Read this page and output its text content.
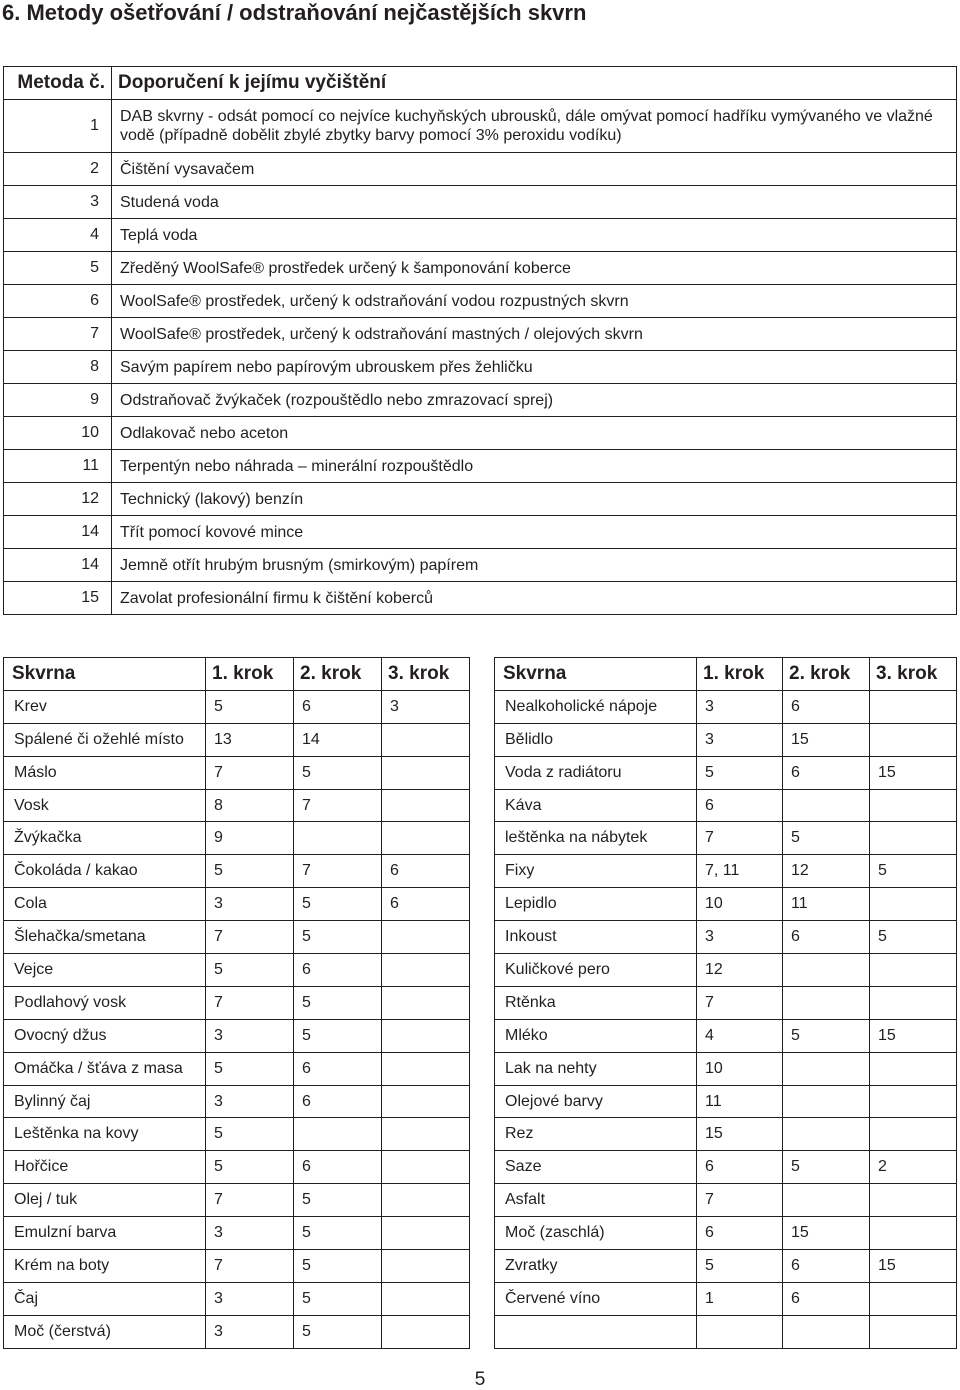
6. Metody ošetřování / odstraňování nejčastějších skvrn
Metoda č.	Doporučení k jejímu vyčištění
1	DAB skvrny - odsát pomocí co nejvíce kuchyňských ubrousků, dále omývat pomocí hadříku vymývaného ve vlažné vodě (případně dobělit zbylé zbytky barvy pomocí 3% peroxidu vodíku)
2	Čištění vysavačem
3	Studená voda
4	Teplá voda
5	Zředěný WoolSafe® prostředek určený k šamponování koberce
6	WoolSafe® prostředek, určený k odstraňování vodou rozpustných skvrn
7	WoolSafe® prostředek, určený k odstraňování mastných / olejových skvrn
8	Savým papírem nebo papírovým ubrouskem přes žehličku
9	Odstraňovač žvýkaček (rozpouštědlo nebo zmrazovací sprej)
10	Odlakovač nebo aceton
11	Terpentýn nebo náhrada – minerální rozpouštědlo
12	Technický (lakový) benzín
14	Třít pomocí kovové mince
14	Jemně otřít hrubým brusným (smirkovým) papírem
15	Zavolat profesionální firmu k čištění koberců
Skvrna	1. krok	2. krok	3. krok
Krev	5	6	3
Spálené či ožehlé místo	13	14	
Máslo	7	5	
Vosk	8	7	
Žvýkačka	9		
Čokoláda / kakao	5	7	6
Cola	3	5	6
Šlehačka/smetana	7	5	
Vejce	5	6	
Podlahový vosk	7	5	
Ovocný džus	3	5	
Omáčka / šťáva z masa	5	6	
Bylinný čaj	3	6	
Leštěnka na kovy	5		
Hořčice	5	6	
Olej / tuk	7	5	
Emulzní barva	3	5	
Krém na boty	7	5	
Čaj	3	5	
Moč (čerstvá)	3	5	
Skvrna	1. krok	2. krok	3. krok
Nealkoholické nápoje	3	6	
Bělidlo	3	15	
Voda z radiátoru	5	6	15
Káva	6		
leštěnka na nábytek	7	5	
Fixy	7, 11	12	5
Lepidlo	10	11	
Inkoust	3	6	5
Kuličkové pero	12		
Rtěnka	7		
Mléko	4	5	15
Lak na nehty	10		
Olejové barvy	11		
Rez	15		
Saze	6	5	2
Asfalt	7		
Moč (zaschlá)	6	15	
Zvratky	5	6	15
Červené víno	1	6	

5
